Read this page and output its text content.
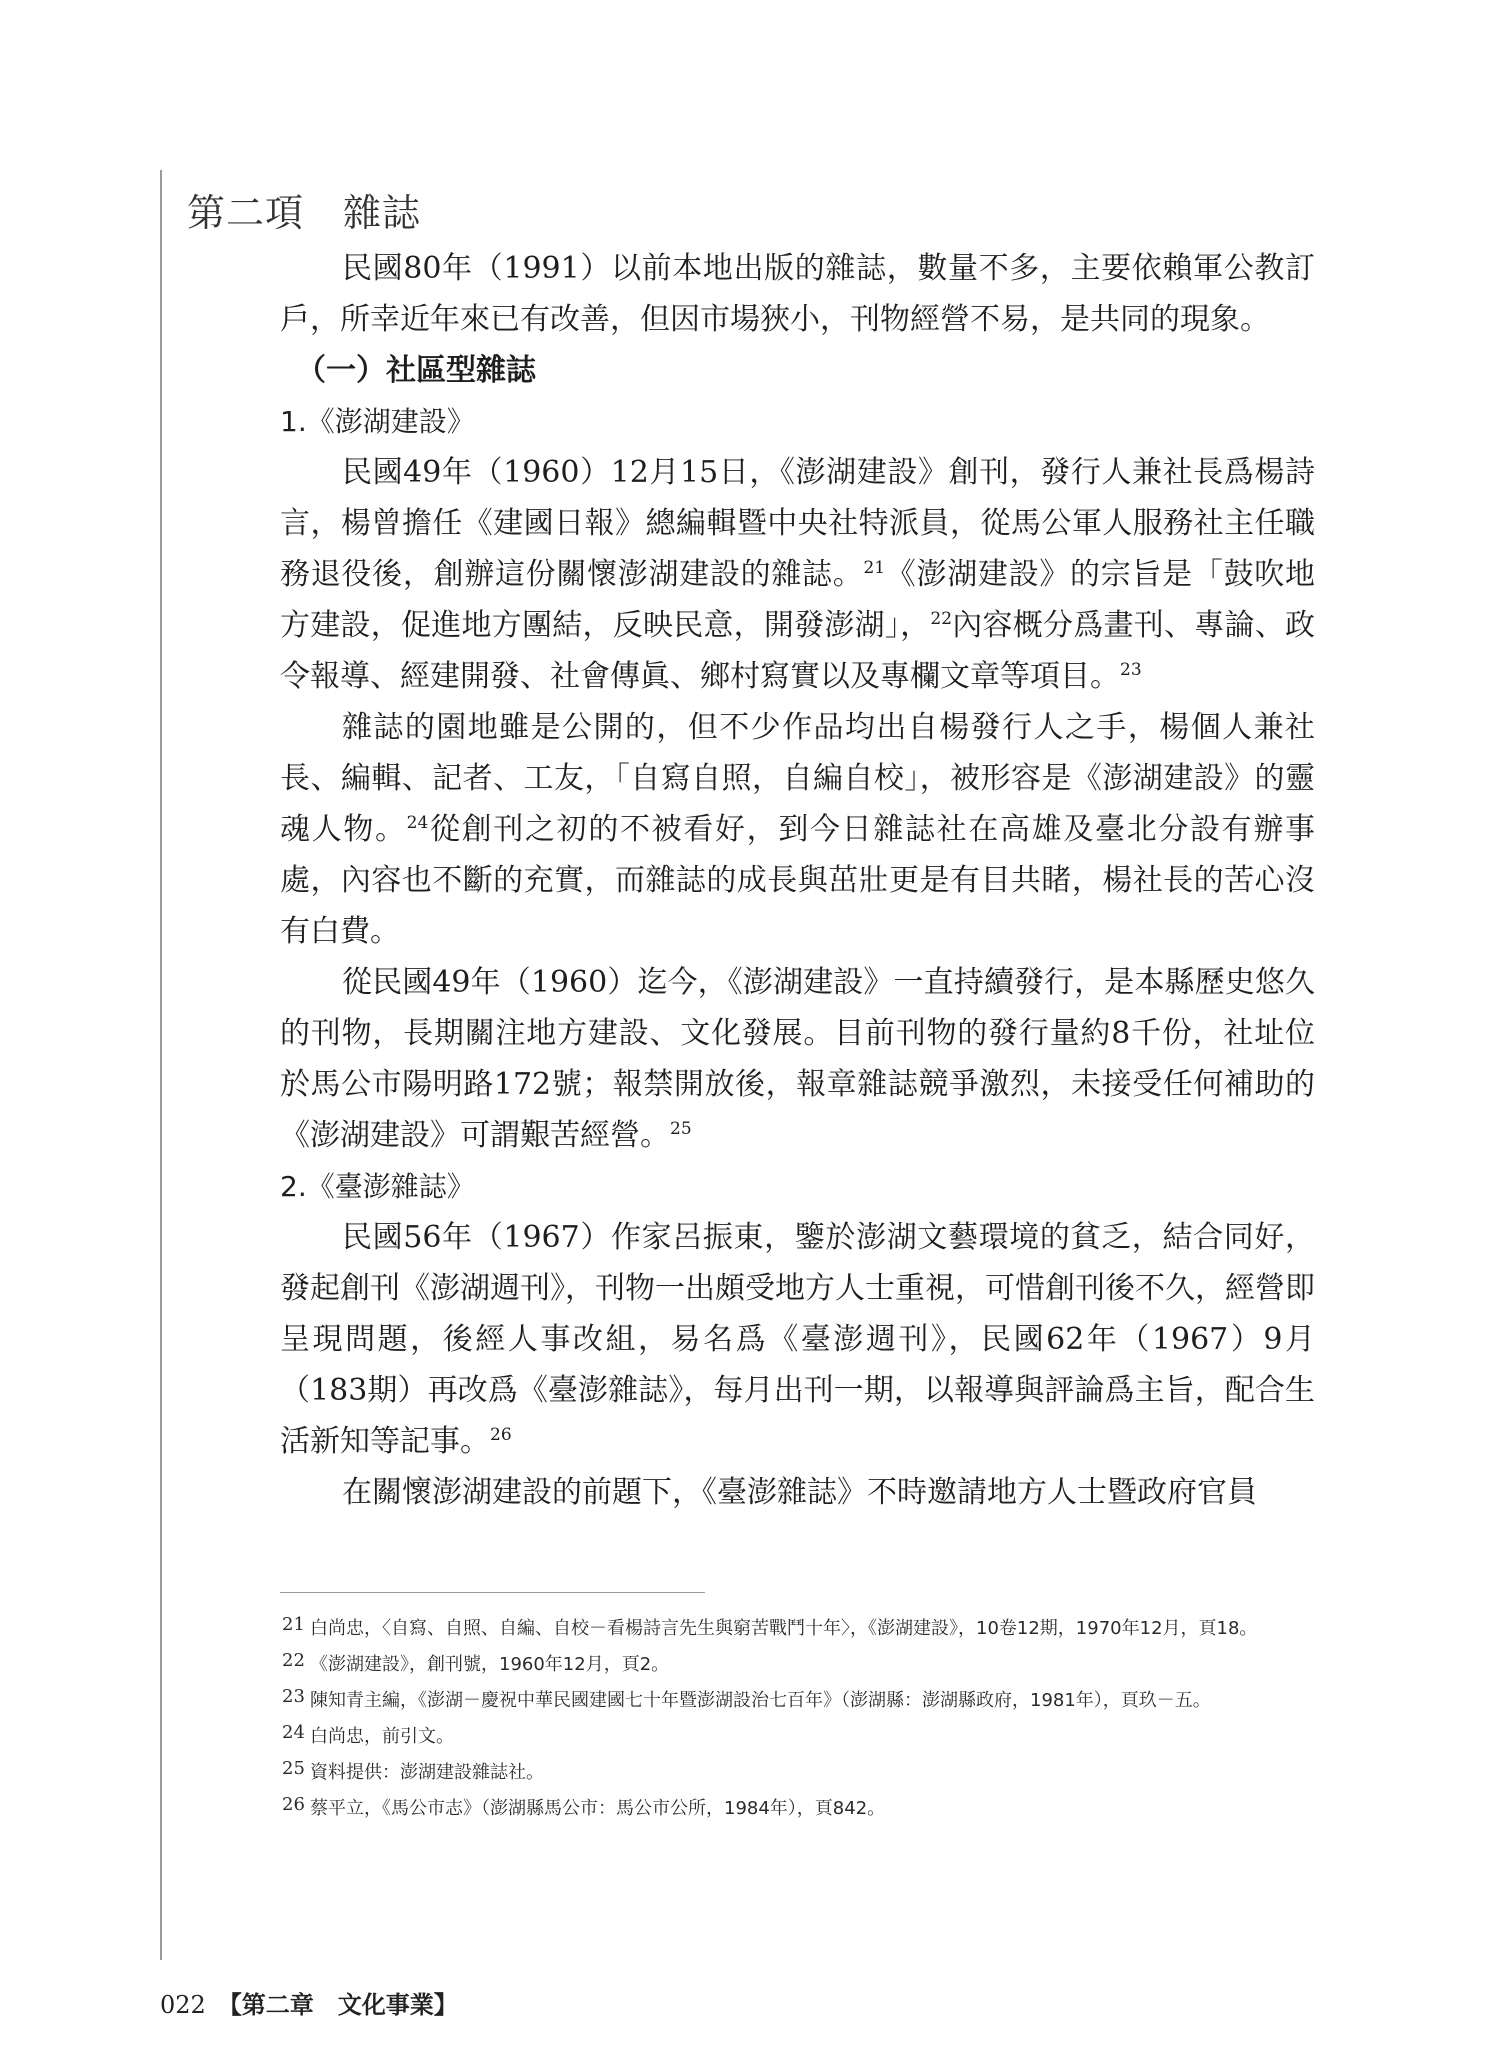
第二項　雜誌

民國80年（1991）以前本地出版的雜誌，數量不多，主要依賴軍公教訂戶，所幸近年來已有改善，但因市場狹小，刊物經營不易，是共同的現象。

（一）社區型雜誌

1.《澎湖建設》

民國49年（1960）12月15日，《澎湖建設》創刊，發行人兼社長爲楊詩言，楊曾擔任《建國日報》總編輯暨中央社特派員，從馬公軍人服務社主任職務退役後，創辦這份關懷澎湖建設的雜誌。$^{21}$《澎湖建設》的宗旨是「鼓吹地方建設，促進地方團結，反映民意，開發澎湖」，$^{22}$內容概分爲畫刊、專論、政令報導、經建開發、社會傳眞、鄉村寫實以及專欄文章等項目。$^{23}$

雜誌的園地雖是公開的，但不少作品均出自楊發行人之手，楊個人兼社長、編輯、記者、工友，「自寫自照，自編自校」，被形容是《澎湖建設》的靈魂人物。$^{24}$從創刊之初的不被看好，到今日雜誌社在高雄及臺北分設有辦事處，內容也不斷的充實，而雜誌的成長與茁壯更是有目共睹，楊社長的苦心沒有白費。

從民國49年（1960）迄今，《澎湖建設》一直持續發行，是本縣歷史悠久的刊物，長期關注地方建設、文化發展。目前刊物的發行量約8千份，社址位於馬公市陽明路172號；報禁開放後，報章雜誌競爭激烈，未接受任何補助的《澎湖建設》可謂艱苦經營。$^{25}$

2.《臺澎雜誌》

民國56年（1967）作家呂振東，鑒於澎湖文藝環境的貧乏，結合同好，發起創刊《澎湖週刊》，刊物一出頗受地方人士重視，可惜創刊後不久，經營即呈現問題，後經人事改組，易名爲《臺澎週刊》，民國62年（1967）9月（183期）再改爲《臺澎雜誌》，每月出刊一期，以報導與評論爲主旨，配合生活新知等記事。$^{26}$

在關懷澎湖建設的前題下，《臺澎雜誌》不時邀請地方人士暨政府官員

21 白尚忠，〈自寫、自照、自編、自校－看楊詩言先生與窮苦戰鬥十年〉，《澎湖建設》，10卷12期，1970年12月，頁18。

22 《澎湖建設》，創刊號，1960年12月，頁2。

23 陳知青主編，《澎湖－慶祝中華民國建國七十年暨澎湖設治七百年》（澎湖縣：澎湖縣政府，1981年），頁玖－五。

24 白尚忠，前引文。

25 資料提供：澎湖建設雜誌社。

26 蔡平立，《馬公市志》（澎湖縣馬公市：馬公市公所，1984年），頁842。

022 【第二章　文化事業】
